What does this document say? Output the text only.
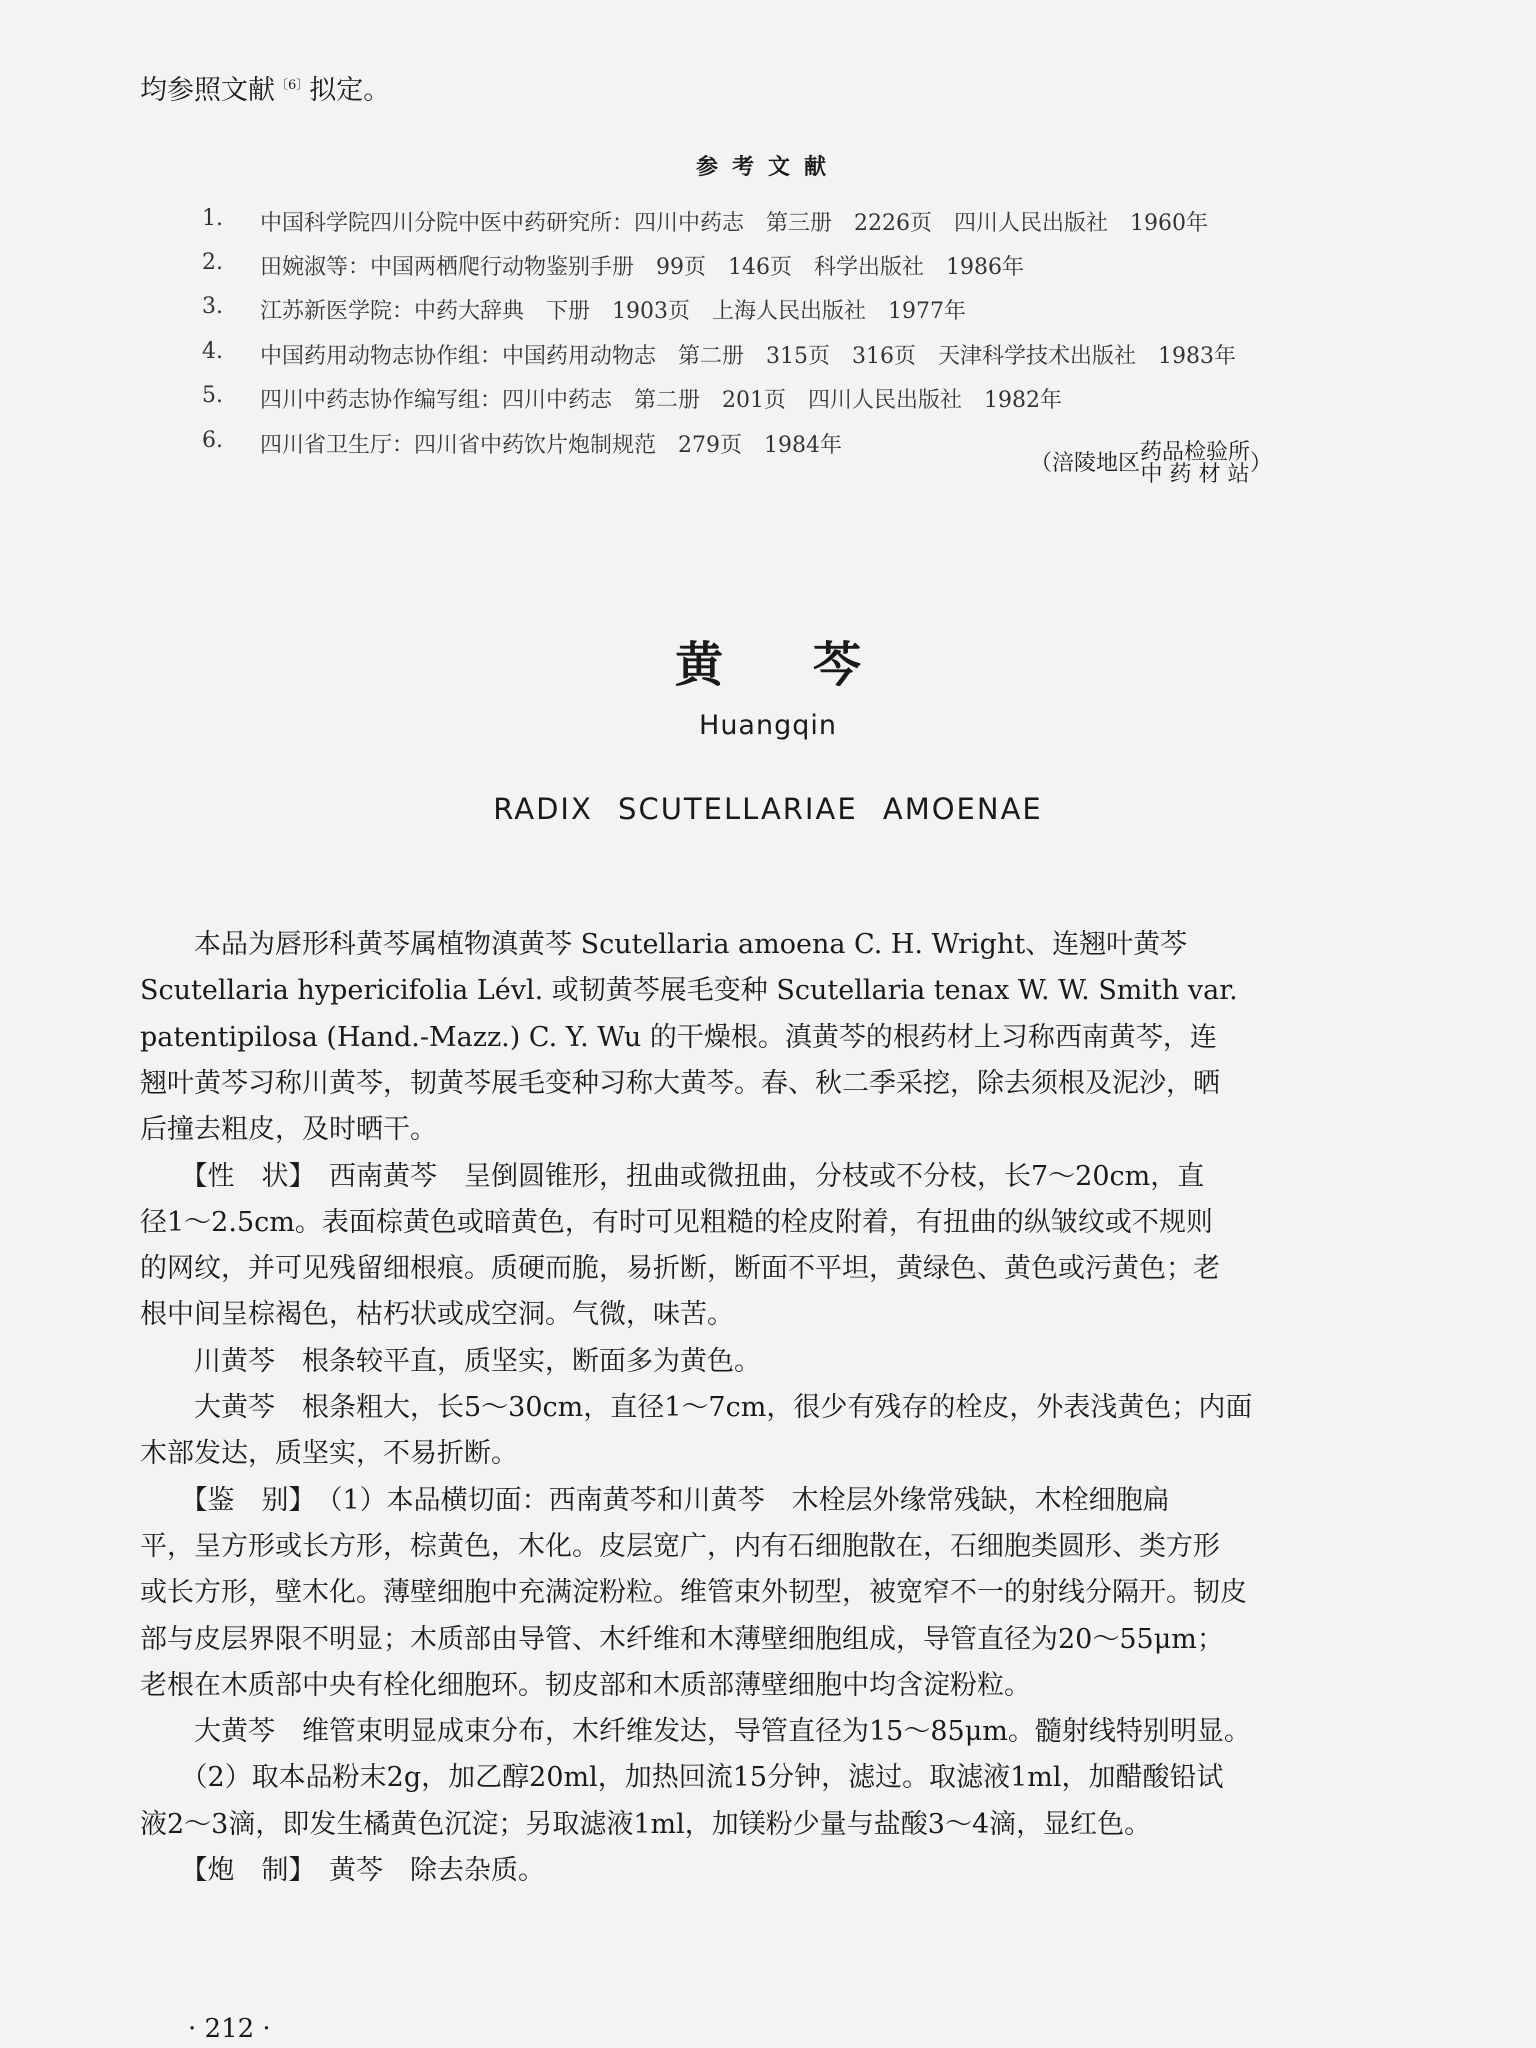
均参照文献$^{〔6〕}$拟定。
参考文献
1. 中国科学院四川分院中医中药研究所：四川中药志　第三册　2226页　四川人民出版社　1960年
2. 田婉淑等：中国两栖爬行动物鉴别手册　99页　146页　科学出版社　1986年
3. 江苏新医学院：中药大辞典　下册　1903页　上海人民出版社　1977年
4. 中国药用动物志协作组：中国药用动物志　第二册　315页　316页　天津科学技术出版社　1983年
5. 四川中药志协作编写组：四川中药志　第二册　201页　四川人民出版社　1982年
6. 四川省卫生厅：四川省中药饮片炮制规范　279页　1984年
（涪陵地区药品检验所
中 药 材 站）
黄芩
Huangqin
RADIX SCUTELLARIAE AMOENAE
　　本品为唇形科黄芩属植物滇黄芩 Scutellaria amoena C. H. Wright、连翘叶黄芩
Scutellaria hypericifolia Lévl. 或韧黄芩展毛变种 Scutellaria tenax W. W. Smith var.
patentipilosa (Hand.-Mazz.) C. Y. Wu 的干燥根。滇黄芩的根药材上习称西南黄芩，连
翘叶黄芩习称川黄芩，韧黄芩展毛变种习称大黄芩。春、秋二季采挖，除去须根及泥沙，晒
后撞去粗皮，及时晒干。
　　【性　状】　西南黄芩　呈倒圆锥形，扭曲或微扭曲，分枝或不分枝，长7～20cm，直
径1～2.5cm。表面棕黄色或暗黄色，有时可见粗糙的栓皮附着，有扭曲的纵皱纹或不规则
的网纹，并可见残留细根痕。质硬而脆，易折断，断面不平坦，黄绿色、黄色或污黄色；老
根中间呈棕褐色，枯朽状或成空洞。气微，味苦。
　　川黄芩　根条较平直，质坚实，断面多为黄色。
　　大黄芩　根条粗大，长5～30cm，直径1～7cm，很少有残存的栓皮，外表浅黄色；内面
木部发达，质坚实，不易折断。
　　【鉴　别】　（1）本品横切面：西南黄芩和川黄芩　木栓层外缘常残缺，木栓细胞扁
平，呈方形或长方形，棕黄色，木化。皮层宽广，内有石细胞散在，石细胞类圆形、类方形
或长方形，壁木化。薄壁细胞中充满淀粉粒。维管束外韧型，被宽窄不一的射线分隔开。韧皮
部与皮层界限不明显；木质部由导管、木纤维和木薄壁细胞组成，导管直径为20～55μm；
老根在木质部中央有栓化细胞环。韧皮部和木质部薄壁细胞中均含淀粉粒。
　　大黄芩　维管束明显成束分布，木纤维发达，导管直径为15～85μm。髓射线特别明显。
　　（2）取本品粉末2g，加乙醇20ml，加热回流15分钟，滤过。取滤液1ml，加醋酸铅试
液2～3滴，即发生橘黄色沉淀；另取滤液1ml，加镁粉少量与盐酸3～4滴，显红色。
　　【炮　制】　黄芩　除去杂质。
· 212 ·
